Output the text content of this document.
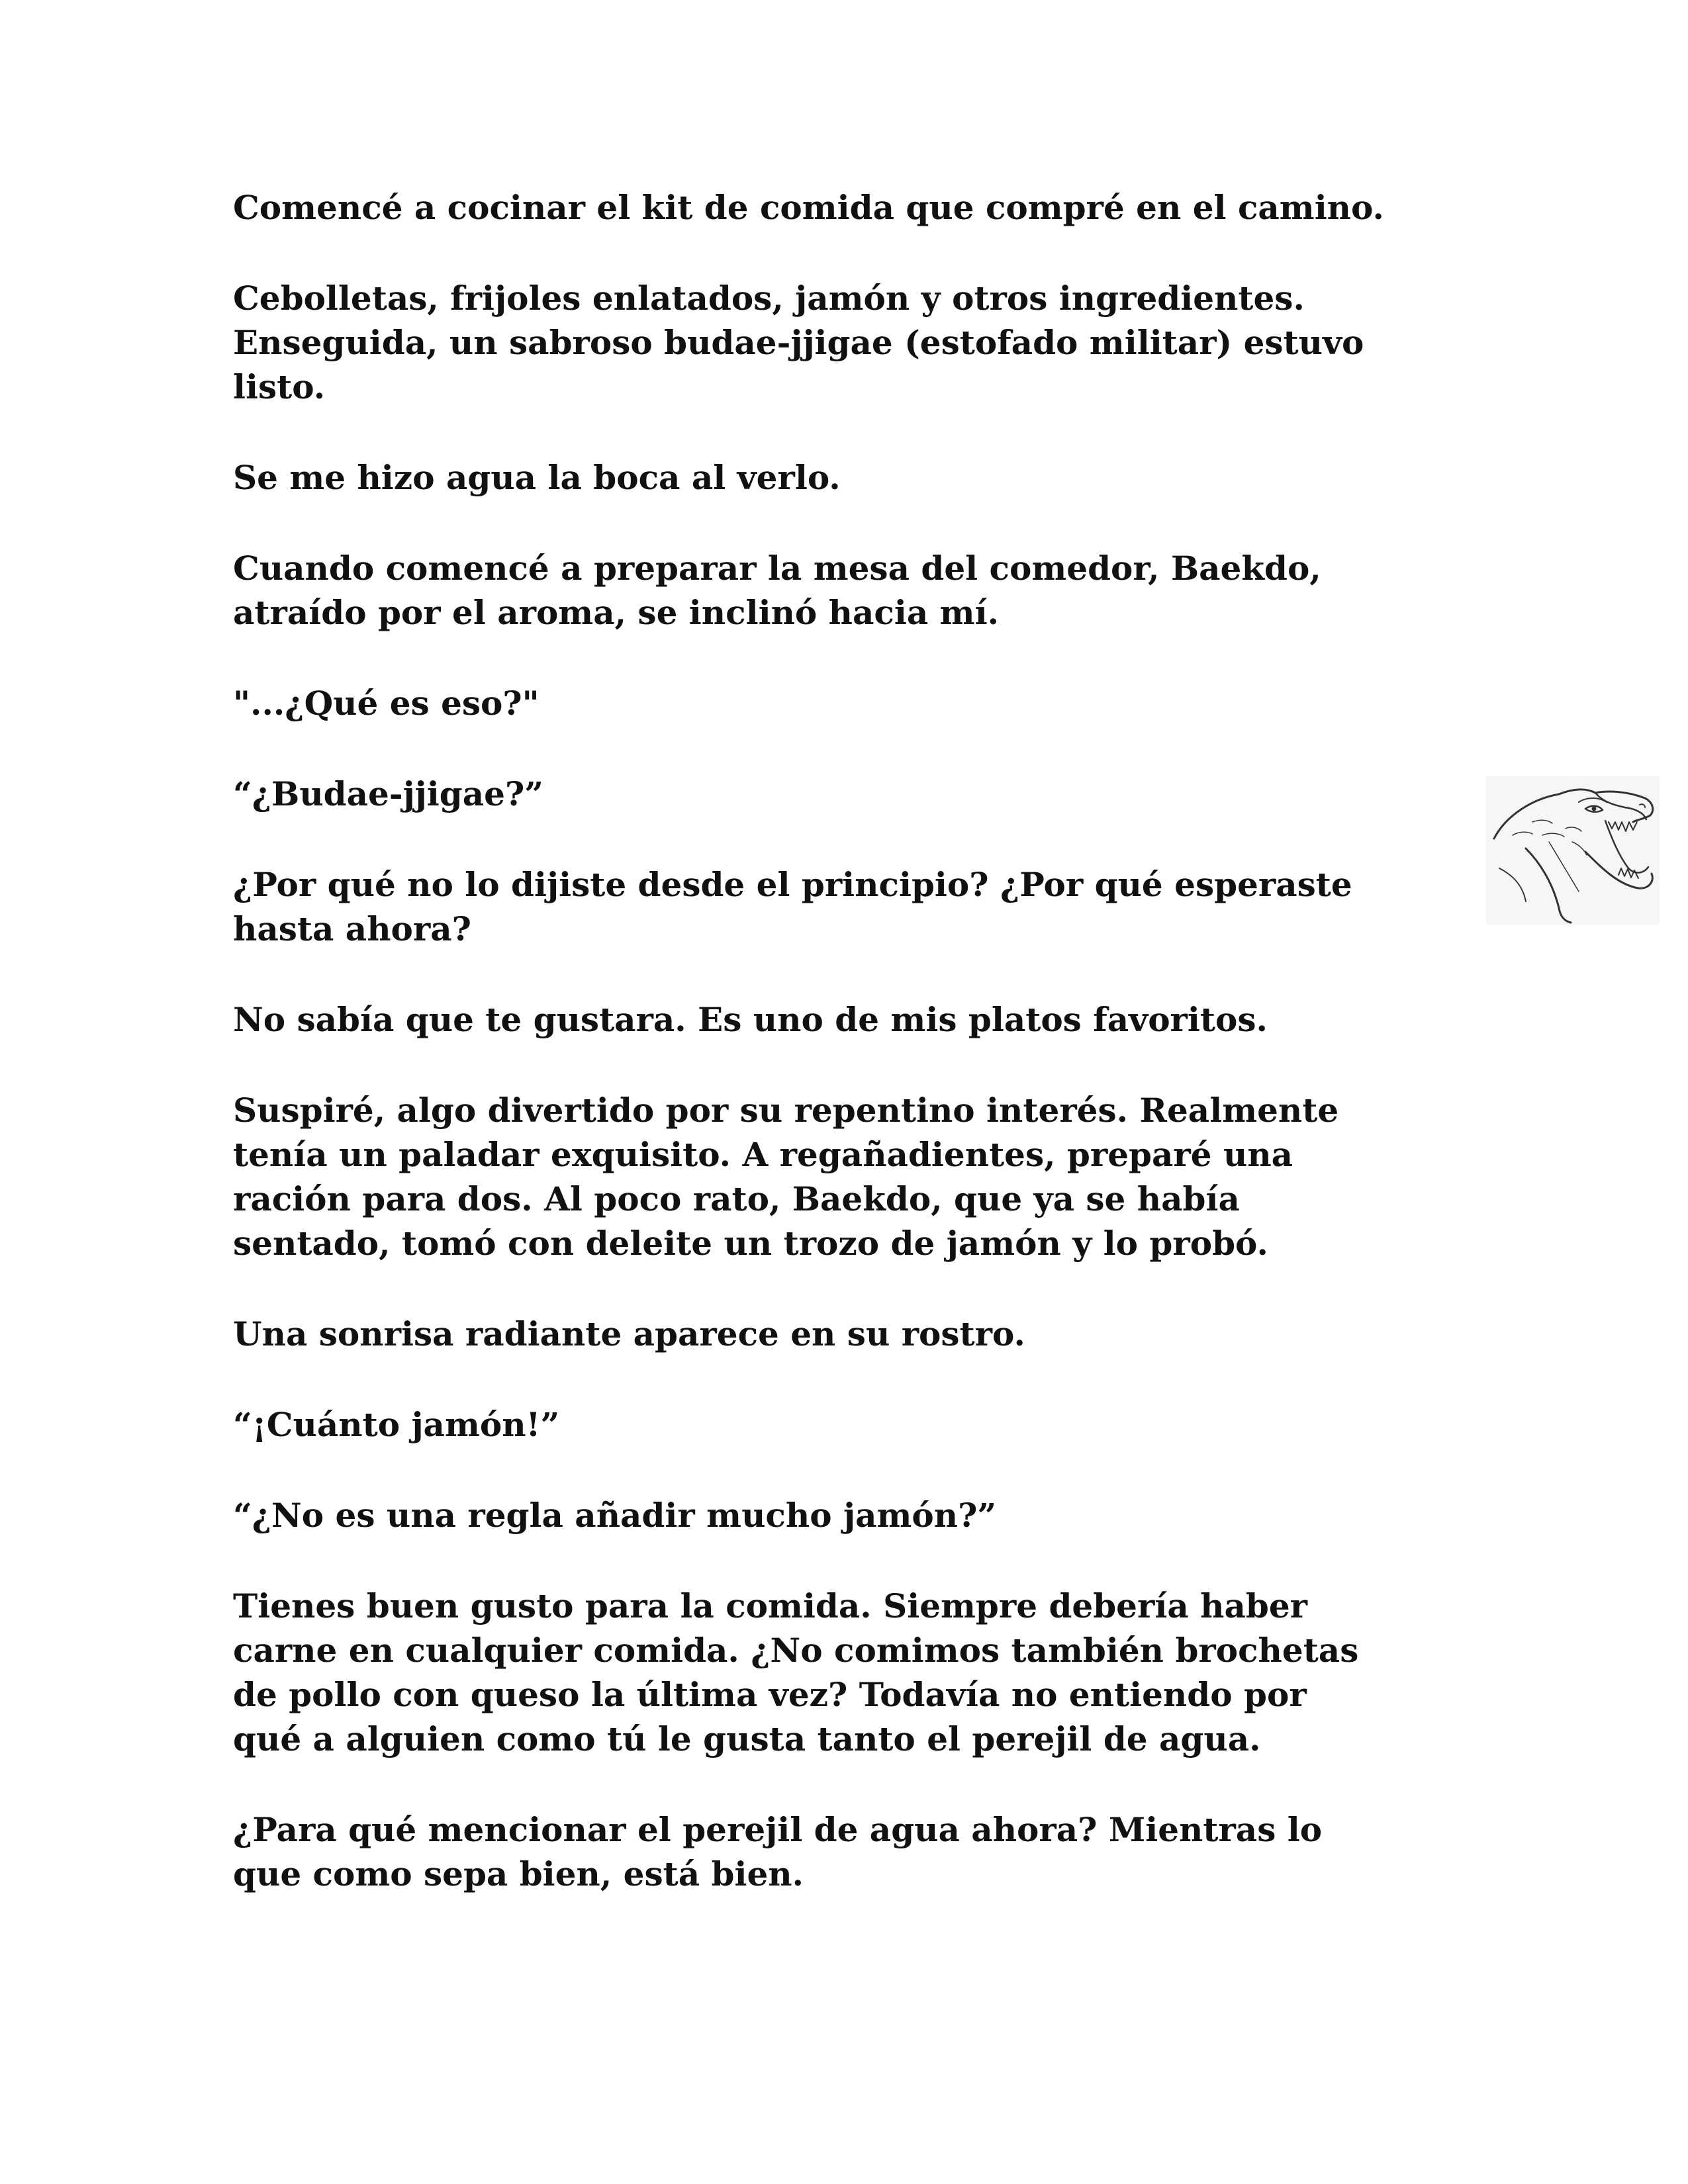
Comencé a cocinar el kit de comida que compré en el camino.

Cebolletas, frijoles enlatados, jamón y otros ingredientes.
Enseguida, un sabroso budae-jjigae (estofado militar) estuvo
listo.

Se me hizo agua la boca al verlo.

Cuando comencé a preparar la mesa del comedor, Baekdo,
atraído por el aroma, se inclinó hacia mí.

"...¿Qué es eso?"

“¿Budae-jjigae?”

¿Por qué no lo dijiste desde el principio? ¿Por qué esperaste
hasta ahora?

No sabía que te gustara. Es uno de mis platos favoritos.

Suspiré, algo divertido por su repentino interés. Realmente
tenía un paladar exquisito. A regañadientes, preparé una
ración para dos. Al poco rato, Baekdo, que ya se había
sentado, tomó con deleite un trozo de jamón y lo probó.

Una sonrisa radiante aparece en su rostro.

“¡Cuánto jamón!”

“¿No es una regla añadir mucho jamón?”

Tienes buen gusto para la comida. Siempre debería haber
carne en cualquier comida. ¿No comimos también brochetas
de pollo con queso la última vez? Todavía no entiendo por
qué a alguien como tú le gusta tanto el perejil de agua.

¿Para qué mencionar el perejil de agua ahora? Mientras lo
que como sepa bien, está bien.
